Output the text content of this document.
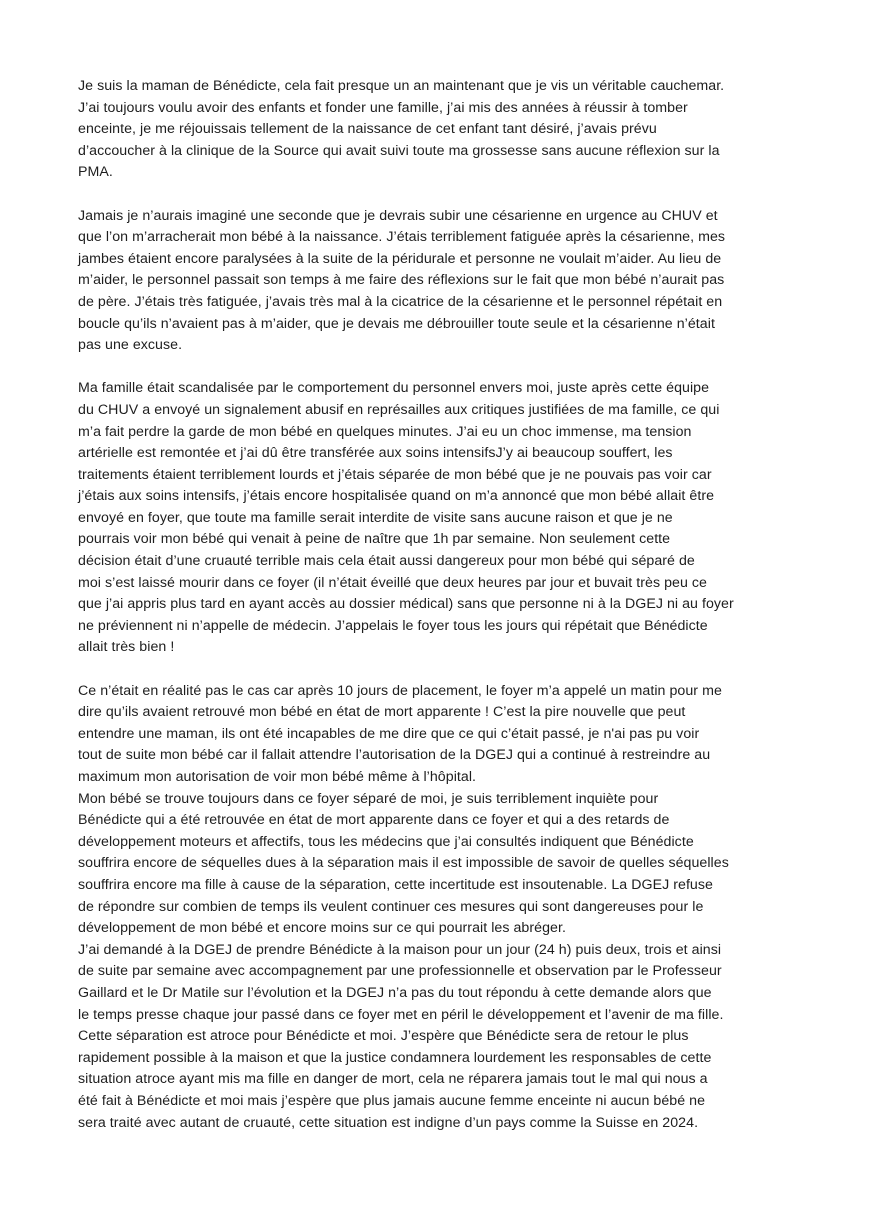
Je suis la maman de Bénédicte, cela fait presque un an maintenant que je vis un véritable cauchemar.
J’ai toujours voulu avoir des enfants et fonder une famille, j’ai mis des années à réussir à tomber
enceinte, je me réjouissais tellement de la naissance de cet enfant tant désiré, j’avais prévu
d’accoucher à la clinique de la Source qui avait suivi toute ma grossesse sans aucune réflexion sur la
PMA.
Jamais je n’aurais imaginé une seconde que je devrais subir une césarienne en urgence au CHUV et
que l’on m’arracherait mon bébé à la naissance. J’étais terriblement fatiguée après la césarienne, mes
jambes étaient encore paralysées à la suite de la péridurale et personne ne voulait m’aider. Au lieu de
m’aider, le personnel passait son temps à me faire des réflexions sur le fait que mon bébé n’aurait pas
de père. J’étais très fatiguée, j’avais très mal à la cicatrice de la césarienne et le personnel répétait en
boucle qu’ils n’avaient pas à m’aider, que je devais me débrouiller toute seule et la césarienne n’était
pas une excuse.
Ma famille était scandalisée par le comportement du personnel envers moi, juste après cette équipe
du CHUV a envoyé un signalement abusif en représailles aux critiques justifiées de ma famille, ce qui
m’a fait perdre la garde de mon bébé en quelques minutes. J’ai eu un choc immense, ma tension
artérielle est remontée et j’ai dû être transférée aux soins intensifsJ’y ai beaucoup souffert, les
traitements étaient terriblement lourds et j’étais séparée de mon bébé que je ne pouvais pas voir car
j’étais aux soins intensifs, j’étais encore hospitalisée quand on m’a annoncé que mon bébé allait être
envoyé en foyer, que toute ma famille serait interdite de visite sans aucune raison et que je ne
pourrais voir mon bébé qui venait à peine de naître que 1h par semaine. Non seulement cette
décision était d’une cruauté terrible mais cela était aussi dangereux pour mon bébé qui séparé de
moi s’est laissé mourir dans ce foyer (il n’était éveillé que deux heures par jour et buvait très peu ce
que j’ai appris plus tard en ayant accès au dossier médical) sans que personne ni à la DGEJ ni au foyer
ne préviennent ni n’appelle de médecin. J’appelais le foyer tous les jours qui répétait que Bénédicte
allait très bien !
Ce n’était en réalité pas le cas car après 10 jours de placement, le foyer m’a appelé un matin pour me
dire qu’ils avaient retrouvé mon bébé en état de mort apparente ! C’est la pire nouvelle que peut
entendre une maman, ils ont été incapables de me dire que ce qui c’était passé, je n'ai pas pu voir
tout de suite mon bébé car il fallait attendre l’autorisation de la DGEJ qui a continué à restreindre au
maximum mon autorisation de voir mon bébé même à l’hôpital.
Mon bébé se trouve toujours dans ce foyer séparé de moi, je suis terriblement inquiète pour
Bénédicte qui a été retrouvée en état de mort apparente dans ce foyer et qui a des retards de
développement moteurs et affectifs, tous les médecins que j’ai consultés indiquent que Bénédicte
souffrira encore de séquelles dues à la séparation mais il est impossible de savoir de quelles séquelles
souffrira encore ma fille à cause de la séparation, cette incertitude est insoutenable. La DGEJ refuse
de répondre sur combien de temps ils veulent continuer ces mesures qui sont dangereuses pour le
développement de mon bébé et encore moins sur ce qui pourrait les abréger.
J’ai demandé à la DGEJ de prendre Bénédicte à la maison pour un jour (24 h) puis deux, trois et ainsi
de suite par semaine avec accompagnement par une professionnelle et observation par le Professeur
Gaillard et le Dr Matile sur l’évolution et la DGEJ n’a pas du tout répondu à cette demande alors que
le temps presse chaque jour passé dans ce foyer met en péril le développement et l’avenir de ma fille.
Cette séparation est atroce pour Bénédicte et moi. J’espère que Bénédicte sera de retour le plus
rapidement possible à la maison et que la justice condamnera lourdement les responsables de cette
situation atroce ayant mis ma fille en danger de mort, cela ne réparera jamais tout le mal qui nous a
été fait à Bénédicte et moi mais j’espère que plus jamais aucune femme enceinte ni aucun bébé ne
sera traité avec autant de cruauté, cette situation est indigne d’un pays comme la Suisse en 2024.
